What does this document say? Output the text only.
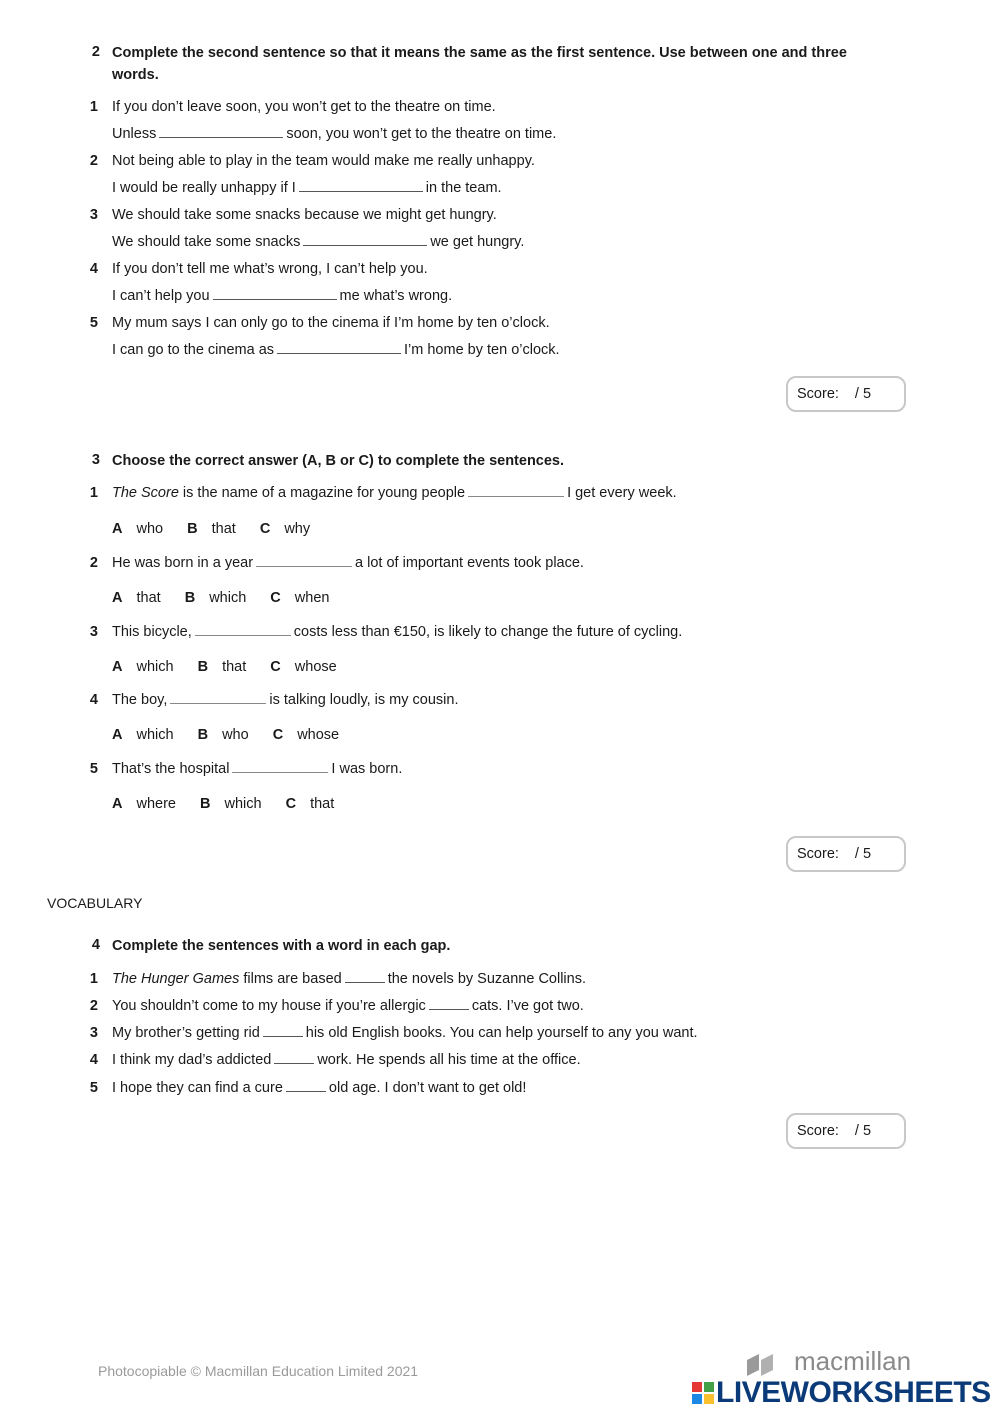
2 Complete the second sentence so that it means the same as the first sentence. Use between one and three
words.
1 If you don’t leave soon, you won’t get to the theatre on time.
Unless	soon, you won’t get to the theatre on time.
2 Not being able to play in the team would make me really unhappy.
I would be really unhappy if I	in the team.
3 We should take some snacks because we might get hungry.
We should take some snacks	we get hungry.
4 If you don’t tell me what’s wrong, I can’t help you.
I can’t help you	me what’s wrong.
5 My mum says I can only go to the cinema if I’m home by ten o’clock.
I can go to the cinema as	I’m home by ten o’clock.
Score: / 5
3 Choose the correct answer (A, B or C) to complete the sentences.
1 The Score is the name of a magazine for young people	I get every week.
A who B that C why
2 He was born in a year	a lot of important events took place.
A that B which C when
3 This bicycle,	costs less than €150, is likely to change the future of cycling.
A which B that C whose
4 The boy,	is talking loudly, is my cousin.
A which B who C whose
5 That’s the hospital	I was born.
A where B which C that
Score: / 5
VOCABULARY
4 Complete the sentences with a word in each gap.
1 The Hunger Games films are based	the novels by Suzanne Collins.
2 You shouldn’t come to my house if you’re allergic	cats. I’ve got two.
3 My brother’s getting rid	his old English books. You can help yourself to any you want.
4 I think my dad’s addicted	work. He spends all his time at the office.
5 I hope they can find a cure	old age. I don’t want to get old!
Score: / 5
Photocopiable © Macmillan Education Limited 2021	macmillan
LIVEWORKSHEETS
